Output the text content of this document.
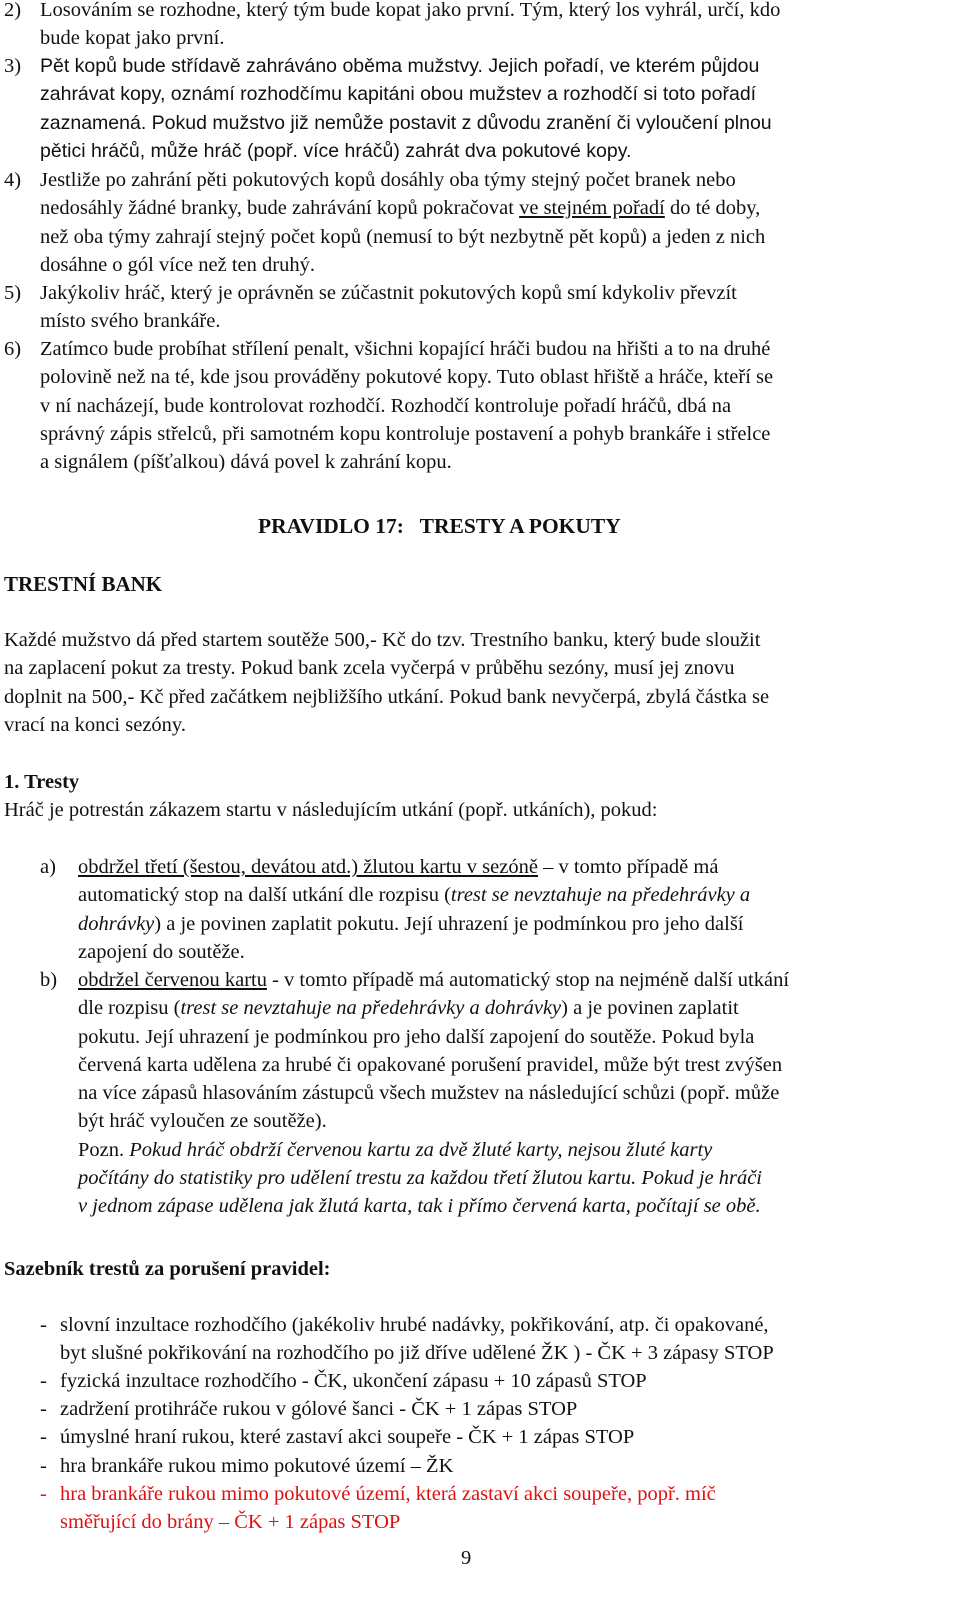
2) Losováním se rozhodne, který tým bude kopat jako první. Tým, který los vyhrál, určí, kdo
bude kopat jako první.
3) Pět kopů bude střídavě zahráváno oběma mužstvy. Jejich pořadí, ve kterém půjdou
zahrávat kopy, oznámí rozhodčímu kapitáni obou mužstev a rozhodčí si toto pořadí
zaznamená. Pokud mužstvo již nemůže postavit z důvodu zranění či vyloučení plnou
pětici hráčů, může hráč (popř. více hráčů) zahrát dva pokutové kopy.
4) Jestliže po zahrání pěti pokutových kopů dosáhly oba týmy stejný počet branek nebo
nedosáhly žádné branky, bude zahrávání kopů pokračovat ve stejném pořadí do té doby,
než oba týmy zahrají stejný počet kopů (nemusí to být nezbytně pět kopů) a jeden z nich
dosáhne o gól více než ten druhý.
5) Jakýkoliv hráč, který je oprávněn se zúčastnit pokutových kopů smí kdykoliv převzít
místo svého brankáře.
6) Zatímco bude probíhat střílení penalt, všichni kopající hráči budou na hřišti a to na druhé
polovině než na té, kde jsou prováděny pokutové kopy. Tuto oblast hřiště a hráče, kteří se
v ní nacházejí, bude kontrolovat rozhodčí. Rozhodčí kontroluje pořadí hráčů, dbá na
správný zápis střelců, při samotném kopu kontroluje postavení a pohyb brankáře i střelce
a signálem (píšťalkou) dává povel k zahrání kopu.
PRAVIDLO 17:   TRESTY A POKUTY
TRESTNÍ BANK
Každé mužstvo dá před startem soutěže 500,- Kč do tzv. Trestního banku, který bude sloužit
na zaplacení pokut za tresty. Pokud bank zcela vyčerpá v průběhu sezóny, musí jej znovu
doplnit na 500,- Kč před začátkem nejbližšího utkání. Pokud bank nevyčerpá, zbylá částka se
vrací na konci sezóny.
1. Tresty
Hráč je potrestán zákazem startu v následujícím utkání (popř. utkáních), pokud:
a) obdržel třetí (šestou, devátou atd.) žlutou kartu v sezóně – v tomto případě má
automatický stop na další utkání dle rozpisu (trest se nevztahuje na předehrávky a
dohrávky) a je povinen zaplatit pokutu. Její uhrazení je podmínkou pro jeho další
zapojení do soutěže.
b) obdržel červenou kartu - v tomto případě má automatický stop na nejméně další utkání
dle rozpisu (trest se nevztahuje na předehrávky a dohrávky) a je povinen zaplatit
pokutu. Její uhrazení je podmínkou pro jeho další zapojení do soutěže. Pokud byla
červená karta udělena za hrubé či opakované porušení pravidel, může být trest zvýšen
na více zápasů hlasováním zástupců všech mužstev na následující schůzi (popř. může
být hráč vyloučen ze soutěže).
Pozn. Pokud hráč obdrží červenou kartu za dvě žluté karty, nejsou žluté karty
počítány do statistiky pro udělení trestu za každou třetí žlutou kartu. Pokud je hráči
v jednom zápase udělena jak žlutá karta, tak i přímo červená karta, počítají se obě.
Sazebník trestů za porušení pravidel:
- slovní inzultace rozhodčího (jakékoliv hrubé nadávky, pokřikování, atp. či opakované,
byt slušné pokřikování na rozhodčího po již dříve udělené ŽK ) - ČK + 3 zápasy STOP
- fyzická inzultace rozhodčího - ČK, ukončení zápasu + 10 zápasů STOP
- zadržení protihráče rukou v gólové šanci - ČK + 1 zápas STOP
- úmyslné hraní rukou, které zastaví akci soupeře - ČK + 1 zápas STOP
- hra brankáře rukou mimo pokutové území – ŽK
- hra brankáře rukou mimo pokutové území, která zastaví akci soupeře, popř. míč
směřující do brány – ČK + 1 zápas STOP
9
